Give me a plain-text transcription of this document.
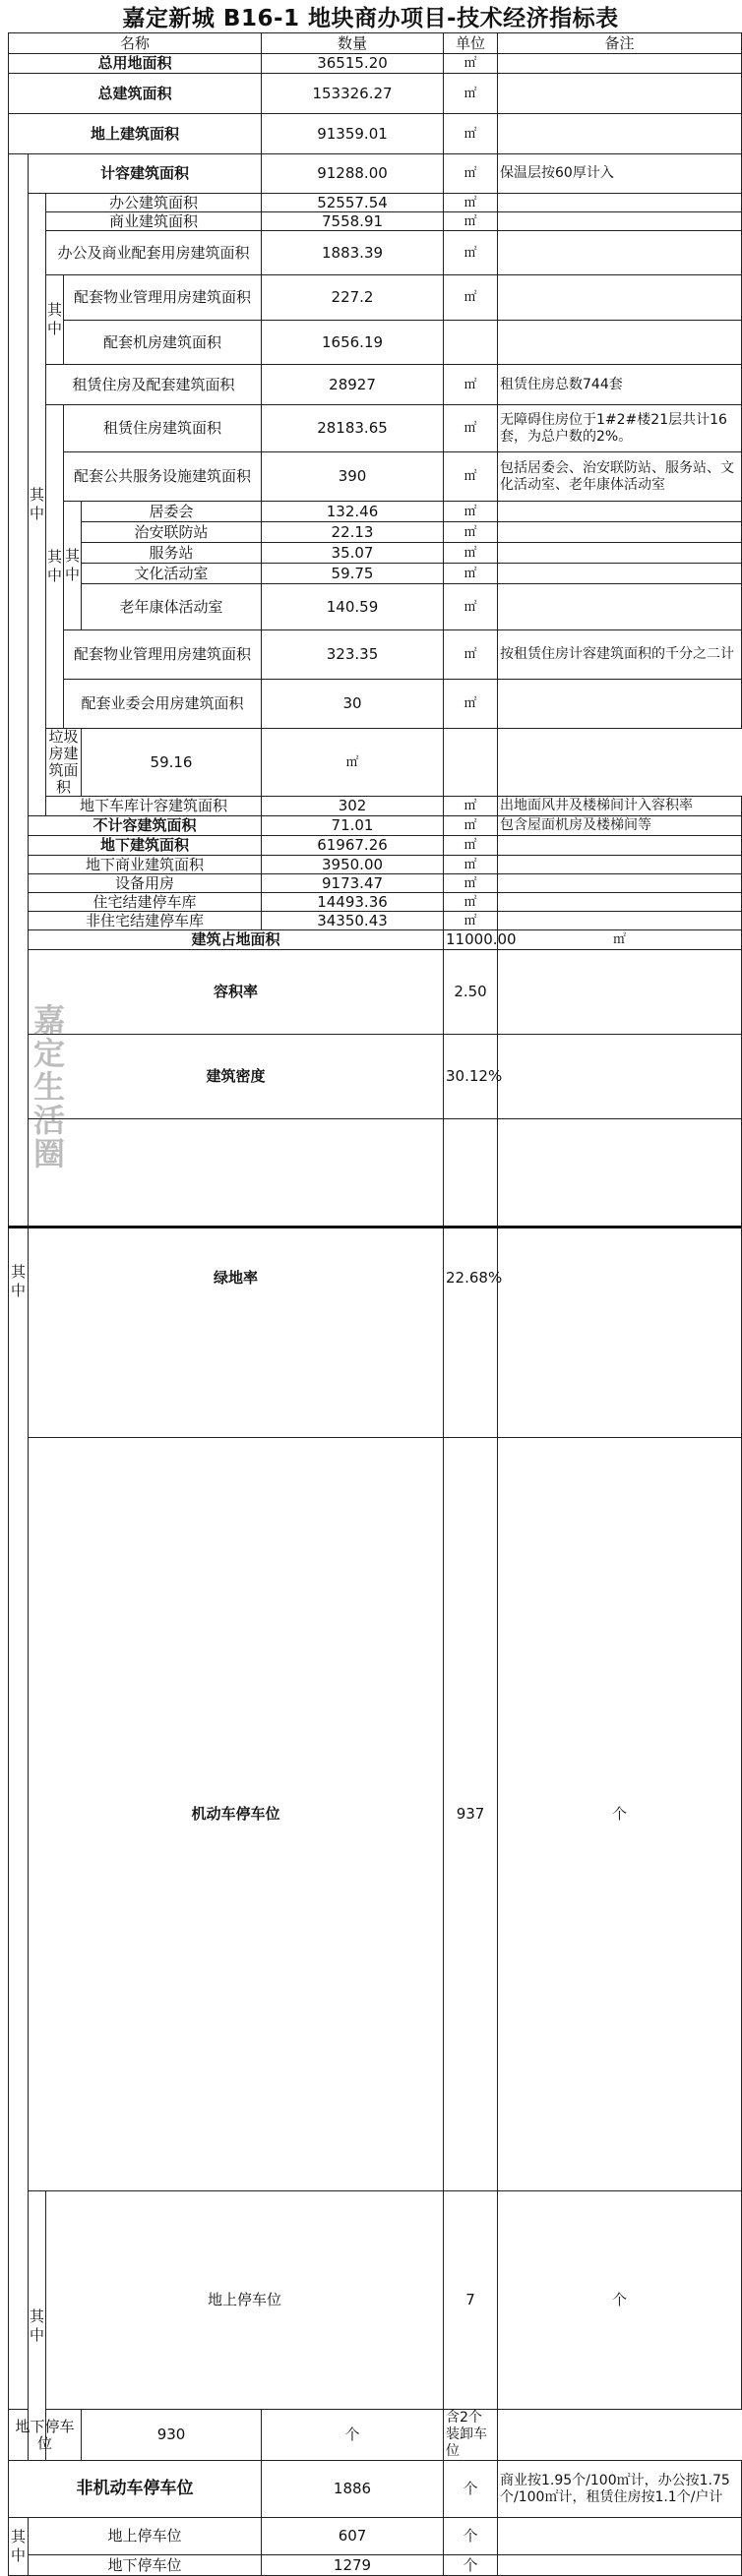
嘉定新城 B16-1 地块商办项目-技术经济指标表
名称					数量	单位	备注	
总用地面积					36515.20	㎡		
总建筑面积					153326.27	㎡		
地上建筑面积					91359.01	㎡		
其中	计容建筑面积				91288.00	㎡	保温层按60厚计入	
	其中	办公建筑面积			52557.54	㎡		
		商业建筑面积			7558.91	㎡		
		办公及商业配套用房建筑面积			1883.39	㎡		
		其中	配套物业管理用房建筑面积		227.2	㎡		
			配套机房建筑面积		1656.19			
		租赁住房及配套建筑面积			28927	㎡	租赁住房总数744套	
		其中	租赁住房建筑面积		28183.65	㎡	无障碍住房位于1#2#楼21层共计16套，为总户数的2%。	
			配套公共服务设施建筑面积		390	㎡	包括居委会、治安联防站、服务站、文化活动室、老年康体活动室	
			其中	居委会	132.46	㎡		
				治安联防站	22.13	㎡		
				服务站	35.07	㎡		
				文化活动室	59.75	㎡		
				老年康体活动室	140.59	㎡		
			配套物业管理用房建筑面积		323.35	㎡	按租赁住房计容建筑面积的千分之二计	
			配套业委会用房建筑面积		30	㎡		
		垃圾房建筑面积		59.16	㎡			
		地下车库计容建筑面积			302	㎡	出地面风井及楼梯间计入容积率	
	不计容建筑面积				71.01	㎡	包含屋面机房及楼梯间等	
	地下建筑面积				61967.26	㎡		
	地下商业建筑面积				3950.00	㎡		
	设备用房				9173.47	㎡		
	住宅结建停车库				14493.36	㎡		
	非住宅结建停车库				34350.43	㎡		
	建筑占地面积					11000.00	㎡	
	容积率					2.50		
	建筑密度					30.12%		
	绿地率					22.68%		
	机动车停车位					937	个	
	其中	地上停车位				7	个	
地下停车位				930	个	含2个装卸车位		
非机动车停车位					1886	个	商业按1.95个/100㎡计，办公按1.75个/100㎡计，租赁住房按1.1个/户计	
其中	地上停车位				607	个		
	地下停车位				1279	个		
嘉定生活圈
